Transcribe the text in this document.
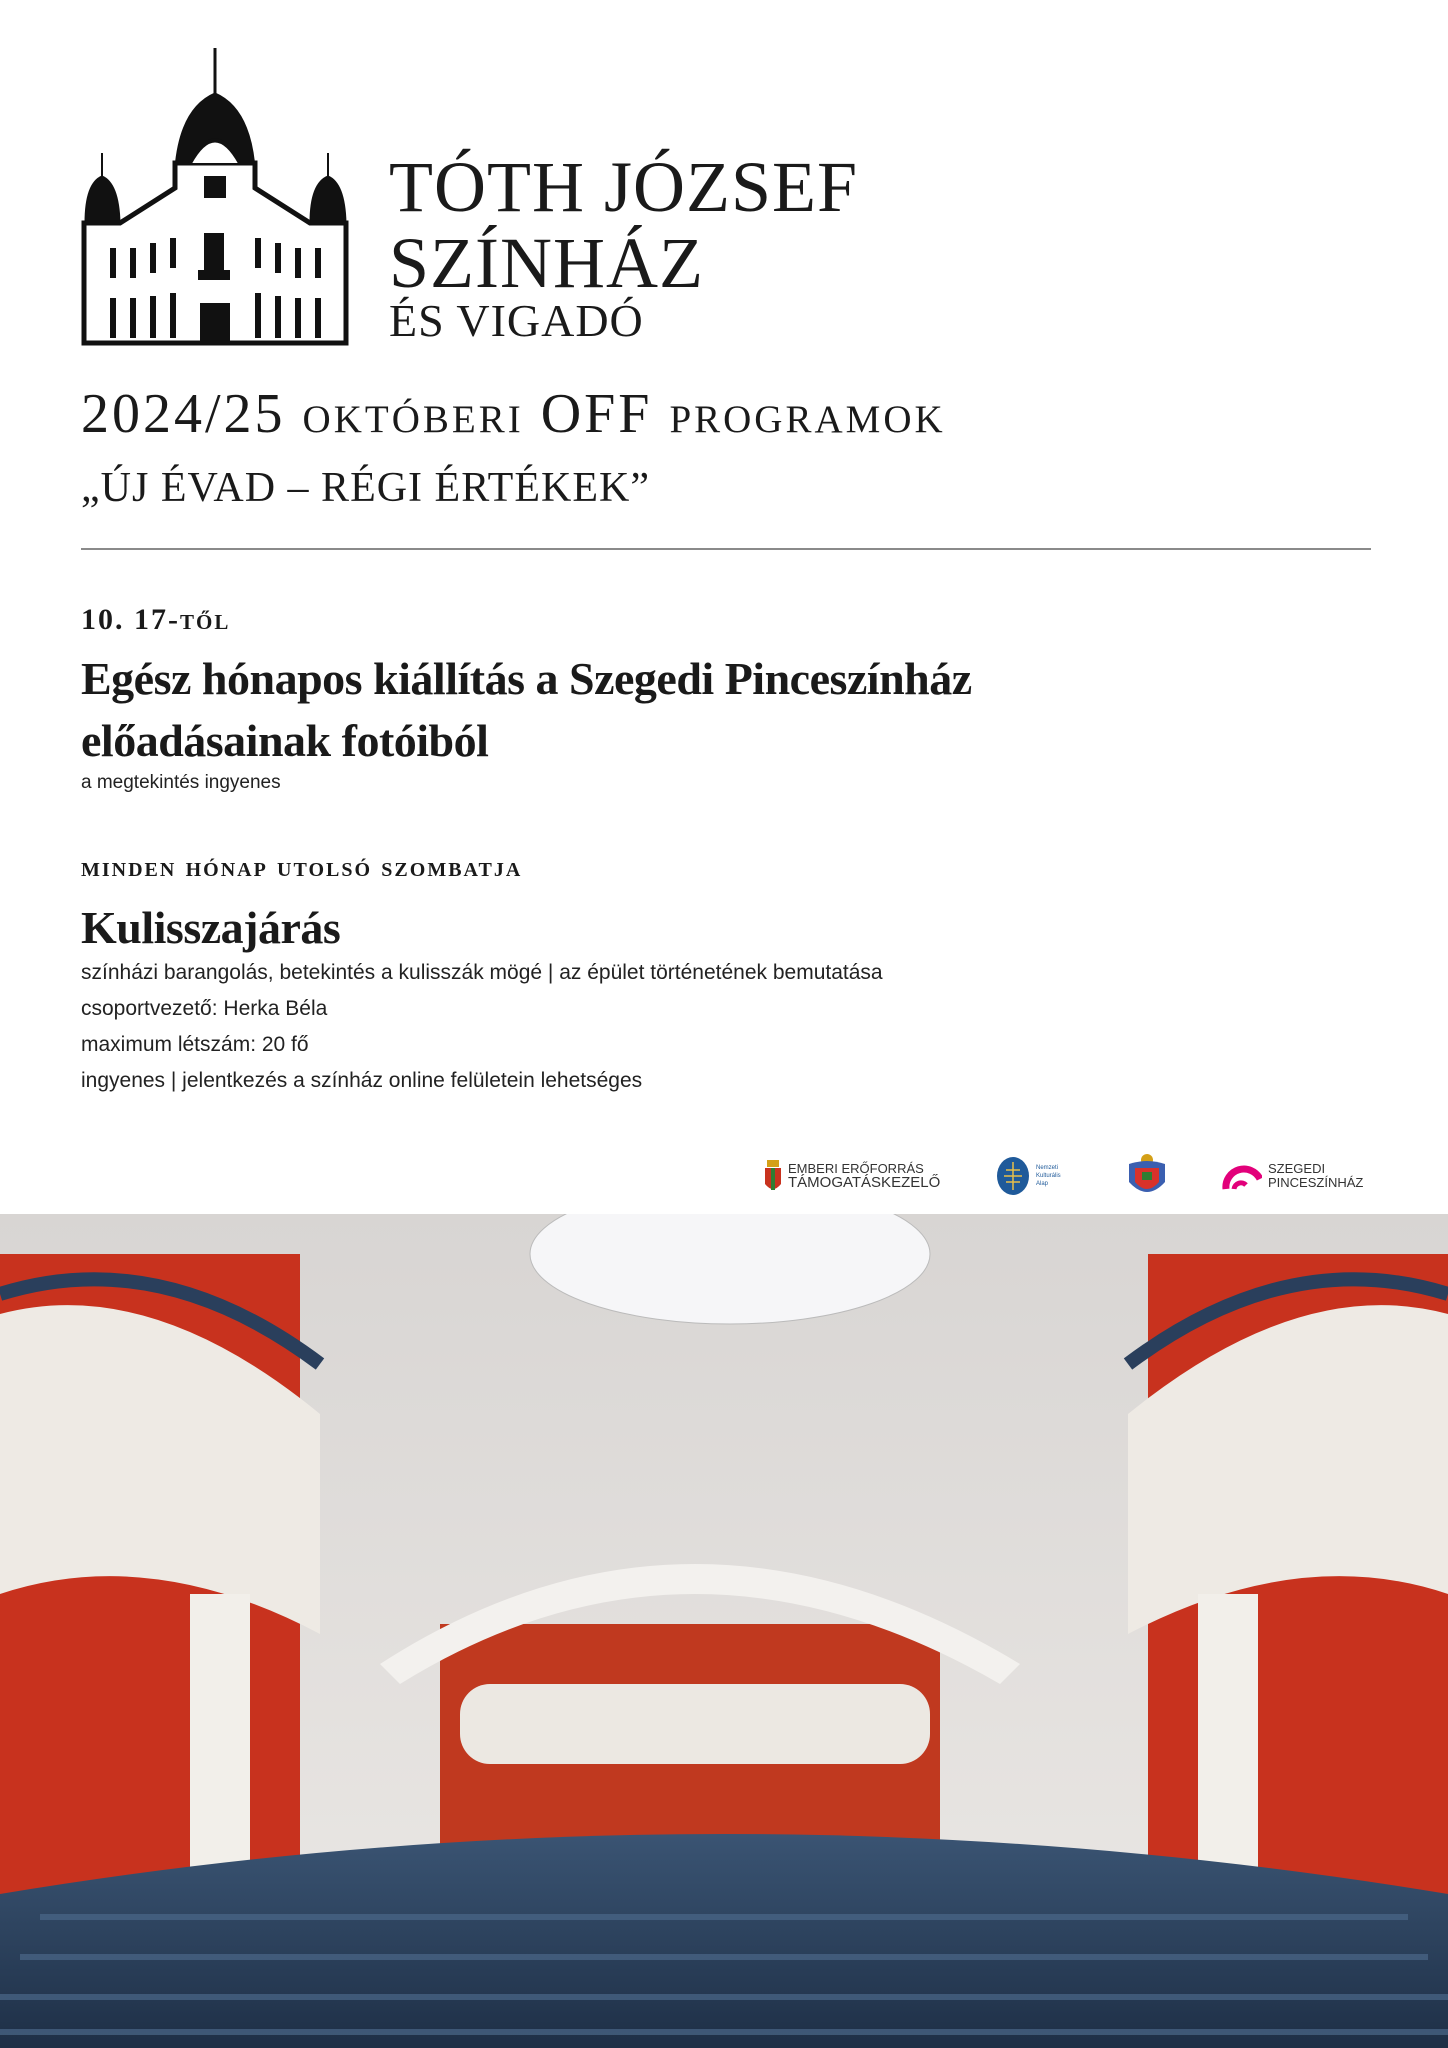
TÓTH JÓZSEF
SZÍNHÁZ
ÉS VIGADÓ
2024/25 októberi OFF programok
„ÚJ ÉVAD – RÉGI ÉRTÉKEK”
10. 17-től
Egész hónapos kiállítás a Szegedi Pinceszínház előadásainak fotóiból
a megtekintés ingyenes
minden hónap utolsó szombatja
Kulisszajárás
színházi barangolás, betekintés a kulisszák mögé | az épület történetének bemutatása
csoportvezető: Herka Béla
maximum létszám: 20 fő
ingyenes | jelentkezés a színház online felületein lehetséges
EMBERI ERŐFORRÁS
TÁMOGATÁSKEZELŐ
Nemzeti
Kulturális
Alap
SZEGEDI
PINCESZÍNHÁZ
